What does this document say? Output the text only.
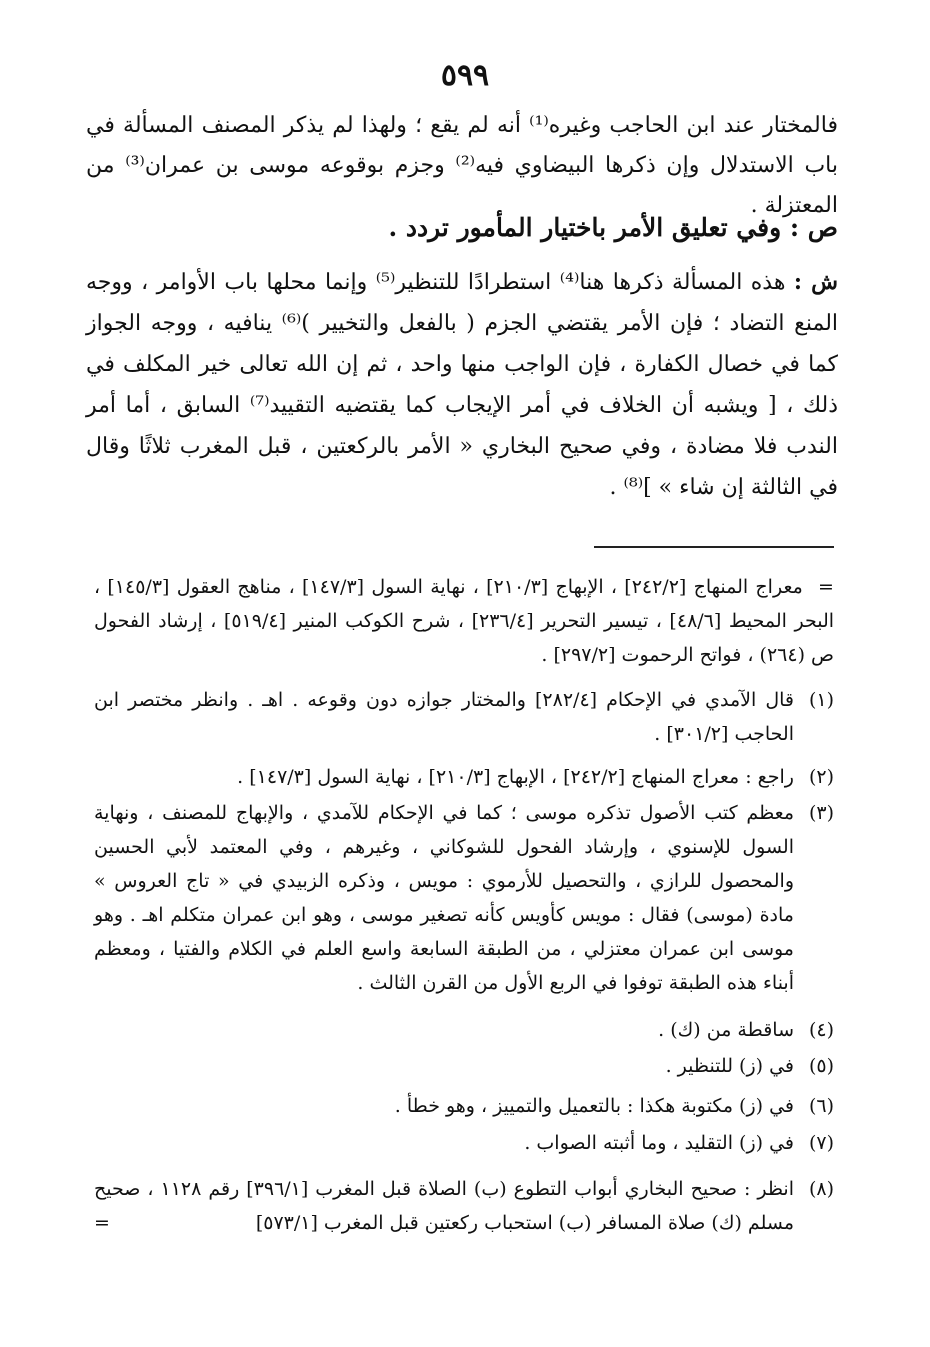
٥٩٩
فالمختار عند ابن الحاجب وغيره⁽¹⁾ أنه لم يقع ؛ ولهذا لم يذكر المصنف المسألة في باب الاستدلال وإن ذكرها البيضاوي فيه⁽²⁾ وجزم بوقوعه موسى بن عمران⁽³⁾ من المعتزلة .
ص : وفي تعليق الأمر باختيار المأمور تردد .
ش : هذه المسألة ذكرها هنا⁽⁴⁾ استطرادًا للتنظير⁽⁵⁾ وإنما محلها باب الأوامر ، ووجه المنع التضاد ؛ فإن الأمر يقتضي الجزم ( بالفعل والتخيير )⁽⁶⁾ ينافيه ، ووجه الجواز كما في خصال الكفارة ، فإن الواجب منها واحد ، ثم إن الله تعالى خير المكلف في ذلك ، [ ويشبه أن الخلاف في أمر الإيجاب كما يقتضيه التقييد⁽⁷⁾ السابق ، أما أمر الندب فلا مضادة ، وفي صحيح البخاري « الأمر بالركعتين ، قبل المغرب ثلاثًا وقال في الثالثة إن شاء » ]⁽⁸⁾ .
= معراج المنهاج [٢٤٢/٢] ، الإبهاج [٢١٠/٣] ، نهاية السول [١٤٧/٣] ، مناهج العقول [١٤٥/٣] ، البحر المحيط [٤٨/٦] ، تيسير التحرير [٢٣٦/٤] ، شرح الكوكب المنير [٥١٩/٤] ، إرشاد الفحول ص (٢٦٤) ، فواتح الرحموت [٢٩٧/٢] .
(١)
قال الآمدي في الإحكام [٢٨٢/٤] والمختار جوازه دون وقوعه . اهـ . وانظر مختصر ابن الحاجب [٣٠١/٢] .
(٢)
راجع : معراج المنهاج [٢٤٢/٢] ، الإبهاج [٢١٠/٣] ، نهاية السول [١٤٧/٣] .
(٣)
معظم كتب الأصول تذكره موسى ؛ كما في الإحكام للآمدي ، والإبهاج للمصنف ، ونهاية السول للإسنوي ، وإرشاد الفحول للشوكاني ، وغيرهم ، وفي المعتمد لأبي الحسين والمحصول للرازي ، والتحصيل للأرموي : مويس ، وذكره الزبيدي في « تاج العروس » مادة (موسى) فقال : مويس كأويس كأنه تصغير موسى ، وهو ابن عمران متكلم اهـ . وهو موسى ابن عمران معتزلي ، من الطبقة السابعة واسع العلم في الكلام والفتيا ، ومعظم أبناء هذه الطبقة توفوا في الربع الأول من القرن الثالث .
(٤)
ساقطة من (ك) .
(٥)
في (ز) للتنظير .
(٦)
في (ز) مكتوبة هكذا : بالتعميل والتمييز ، وهو خطأ .
(٧)
في (ز) التقليد ، وما أثبته الصواب .
(٨)
انظر : صحيح البخاري أبواب التطوع (ب) الصلاة قبل المغرب [٣٩٦/١] رقم ١١٢٨ ، صحيح مسلم (ك) صلاة المسافر (ب) استحباب ركعتين قبل المغرب [٥٧٣/١]
=
